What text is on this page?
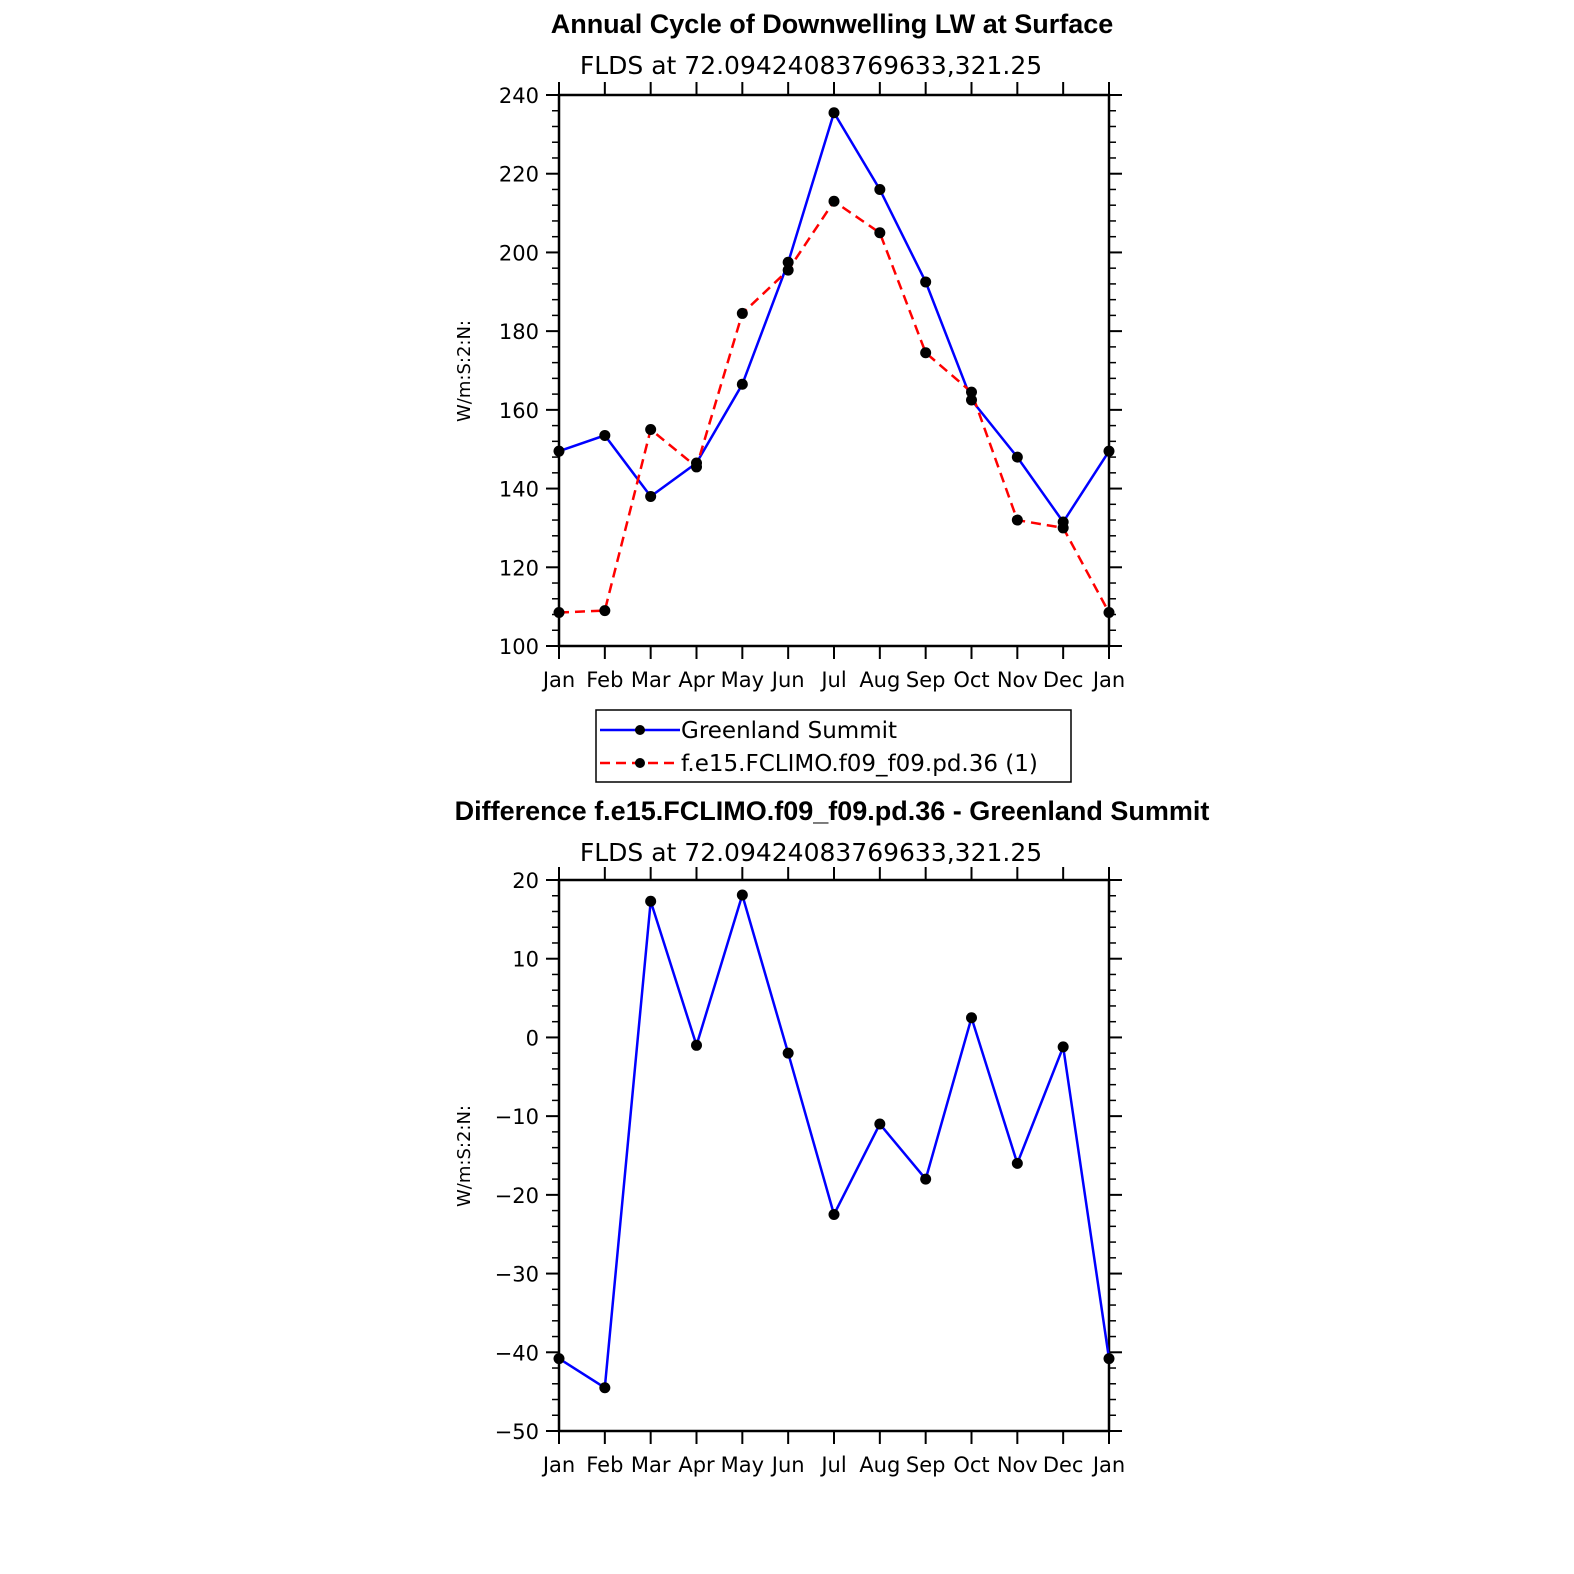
Annual Cycle of Downwelling LW at Surface
FLDS at 72.09424083769633,321.25
W/m:S:2:N:
100
120
140
160
180
200
220
240
Jan Feb Mar Apr May Jun Jul Aug Sep Oct Nov Dec Jan
Greenland Summit
f.e15.FCLIMO.f09_f09.pd.36 (1)
Difference f.e15.FCLIMO.f09_f09.pd.36 - Greenland Summit
FLDS at 72.09424083769633,321.25
W/m:S:2:N:
−50
−40
−30
−20
−10
0
10
20
Jan Feb Mar Apr May Jun Jul Aug Sep Oct Nov Dec Jan
